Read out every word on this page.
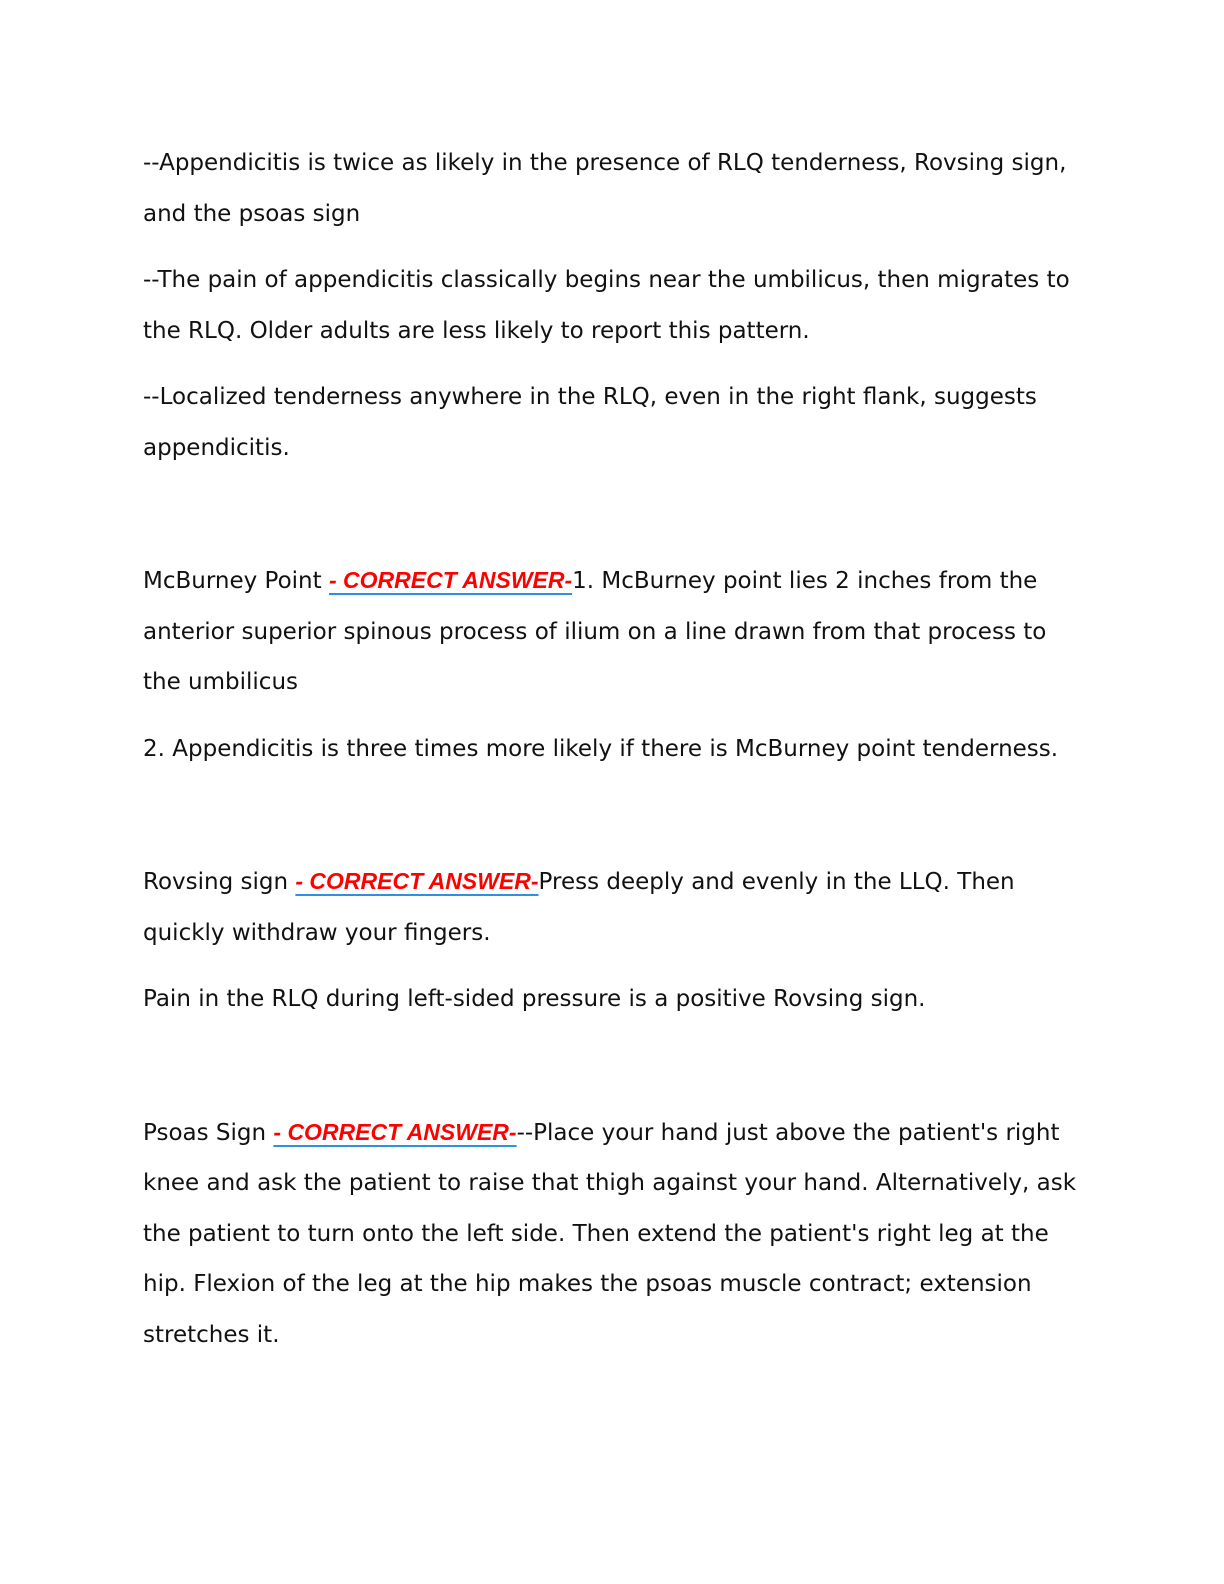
--Appendicitis is twice as likely in the presence of RLQ tenderness, Rovsing sign, and the psoas sign

--The pain of appendicitis classically begins near the umbilicus, then migrates to the RLQ. Older adults are less likely to report this pattern.

--Localized tenderness anywhere in the RLQ, even in the right flank, suggests appendicitis.

McBurney Point - CORRECT ANSWER-1. McBurney point lies 2 inches from the anterior superior spinous process of ilium on a line drawn from that process to the umbilicus

2. Appendicitis is three times more likely if there is McBurney point tenderness.

Rovsing sign - CORRECT ANSWER-Press deeply and evenly in the LLQ. Then quickly withdraw your fingers.

Pain in the RLQ during left-sided pressure is a positive Rovsing sign.

Psoas Sign - CORRECT ANSWER---Place your hand just above the patient's right knee and ask the patient to raise that thigh against your hand. Alternatively, ask the patient to turn onto the left side. Then extend the patient's right leg at the hip. Flexion of the leg at the hip makes the psoas muscle contract; extension stretches it.
